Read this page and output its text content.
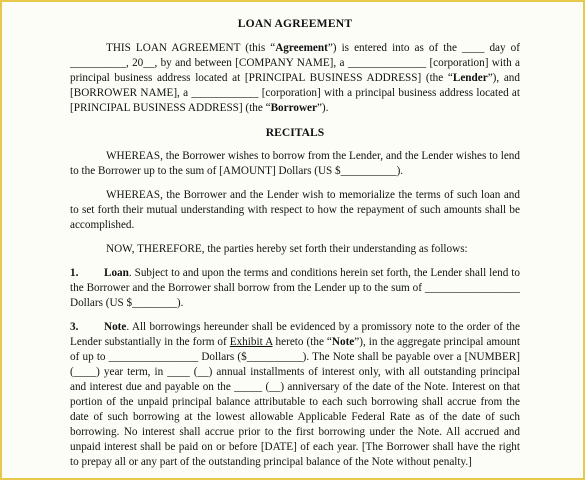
LOAN AGREEMENT

THIS LOAN AGREEMENT (this “Agreement”) is entered into as of the ____ day of __________, 20__, by and between [COMPANY NAME], a ______________ [corporation] with a principal business address located at [PRINCIPAL BUSINESS ADDRESS] (the “Lender”), and [BORROWER NAME], a ____________ [corporation] with a principal business address located at [PRINCIPAL BUSINESS ADDRESS] (the “Borrower”).

RECITALS

WHEREAS, the Borrower wishes to borrow from the Lender, and the Lender wishes to lend to the Borrower up to the sum of [AMOUNT] Dollars (US $__________).

WHEREAS, the Borrower and the Lender wish to memorialize the terms of such loan and to set forth their mutual understanding with respect to how the repayment of such amounts shall be accomplished.

NOW, THEREFORE, the parties hereby set forth their understanding as follows:

1. Loan. Subject to and upon the terms and conditions herein set forth, the Lender shall lend to the Borrower and the Borrower shall borrow from the Lender up to the sum of _________________ Dollars (US $________).

3. Note. All borrowings hereunder shall be evidenced by a promissory note to the order of the Lender substantially in the form of Exhibit A hereto (the “Note”), in the aggregate principal amount of up to ________________ Dollars ($__________). The Note shall be payable over a [NUMBER] (____) year term, in ____ (__) annual installments of interest only, with all outstanding principal and interest due and payable on the _____ (__) anniversary of the date of the Note. Interest on that portion of the unpaid principal balance attributable to each such borrowing shall accrue from the date of such borrowing at the lowest allowable Applicable Federal Rate as of the date of such borrowing. No interest shall accrue prior to the first borrowing under the Note. All accrued and unpaid interest shall be paid on or before [DATE] of each year. [The Borrower shall have the right to prepay all or any part of the outstanding principal balance of the Note without penalty.]
